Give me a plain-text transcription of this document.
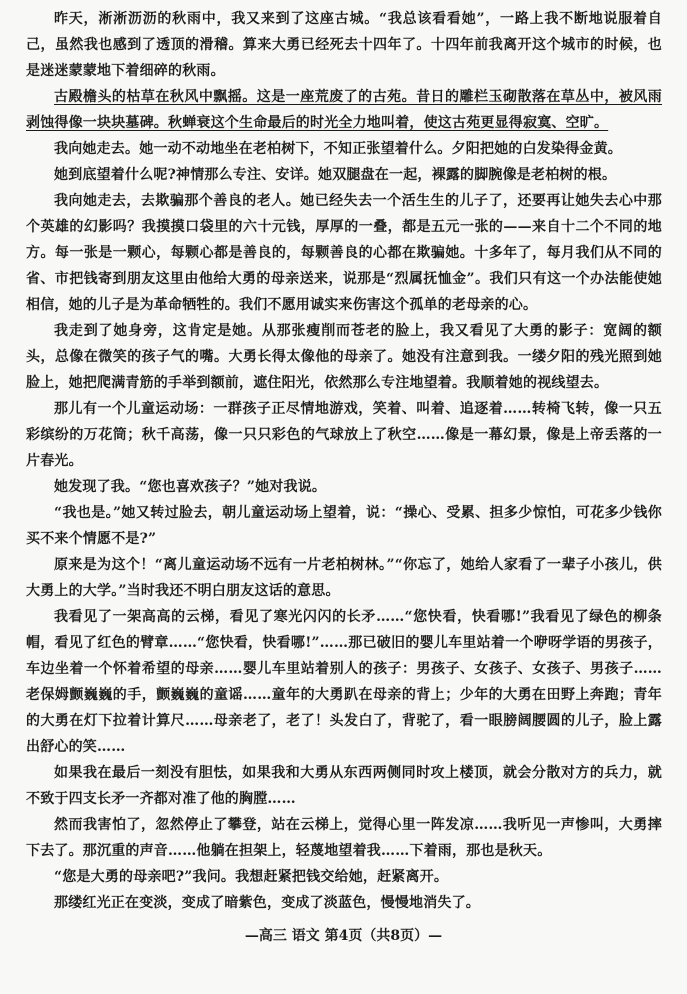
昨天，淅淅沥沥的秋雨中，我又来到了这座古城。“我总该看看她”，一路上我不断地说服着自己，虽然我也感到了透顶的滑稽。算来大勇已经死去十四年了。十四年前我离开这个城市的时候，也是迷迷蒙蒙地下着细碎的秋雨。

古殿檐头的枯草在秋风中飘摇。这是一座荒废了的古苑。昔日的雕栏玉砌散落在草丛中，被风雨剥蚀得像一块块墓碑。秋蝉衰这个生命最后的时光全力地叫着，使这古苑更显得寂寞、空旷。

我向她走去。她一动不动地坐在老柏树下，不知正张望着什么。夕阳把她的白发染得金黄。

她到底望着什么呢?神情那么专注、安详。她双腿盘在一起，裸露的脚腕像是老柏树的根。

我向她走去，去欺骗那个善良的老人。她已经失去一个活生生的儿子了，还要再让她失去心中那个英雄的幻影吗？我摸摸口袋里的六十元钱，厚厚的一叠，都是五元一张的——来自十二个不同的地方。每一张是一颗心，每颗心都是善良的，每颗善良的心都在欺骗她。十多年了，每月我们从不同的省、市把钱寄到朋友这里由他给大勇的母亲送来，说那是“烈属抚恤金”。我们只有这一个办法能使她相信，她的儿子是为革命牺牲的。我们不愿用诚实来伤害这个孤单的老母亲的心。

我走到了她身旁，这肯定是她。从那张瘦削而苍老的脸上，我又看见了大勇的影子：宽阔的额头，总像在微笑的孩子气的嘴。大勇长得太像他的母亲了。她没有注意到我。一缕夕阳的残光照到她脸上，她把爬满青筋的手举到额前，遮住阳光，依然那么专注地望着。我顺着她的视线望去。

那儿有一个儿童运动场：一群孩子正尽情地游戏，笑着、叫着、追逐着……转椅飞转，像一只五彩缤纷的万花筒；秋千高荡，像一只只彩色的气球放上了秋空……像是一幕幻景，像是上帝丢落的一片春光。

她发现了我。“您也喜欢孩子？”她对我说。

“我也是。”她又转过脸去，朝儿童运动场上望着，说：“操心、受累、担多少惊怕，可花多少钱你买不来个情愿不是?”

原来是为这个！“离儿童运动场不远有一片老柏树林。”“你忘了，她给人家看了一辈子小孩儿，供大勇上的大学。”当时我还不明白朋友这话的意思。

我看见了一架高高的云梯，看见了寒光闪闪的长矛……“您快看，快看哪!”我看见了绿色的柳条帽，看见了红色的臂章……“您快看，快看哪!”……那已破旧的婴儿车里站着一个咿呀学语的男孩子，车边坐着一个怀着希望的母亲……婴儿车里站着别人的孩子：男孩子、女孩子、女孩子、男孩子……老保姆颤巍巍的手，颤巍巍的童谣……童年的大勇趴在母亲的背上；少年的大勇在田野上奔跑；青年的大勇在灯下拉着计算尺……母亲老了，老了！头发白了，背驼了，看一眼膀阔腰圆的儿子，脸上露出舒心的笑……

如果我在最后一刻没有胆怯，如果我和大勇从东西两侧同时攻上楼顶，就会分散对方的兵力，就不致于四支长矛一齐都对准了他的胸膛……

然而我害怕了，忽然停止了攀登，站在云梯上，觉得心里一阵发凉……我听见一声惨叫，大勇摔下去了。那沉重的声音……他躺在担架上，轻蔑地望着我……下着雨，那也是秋天。

“您是大勇的母亲吧?”我问。我想赶紧把钱交给她，赶紧离开。

那缕红光正在变淡，变成了暗紫色，变成了淡蓝色，慢慢地消失了。

—高三 语文 第4页（共8页）—
